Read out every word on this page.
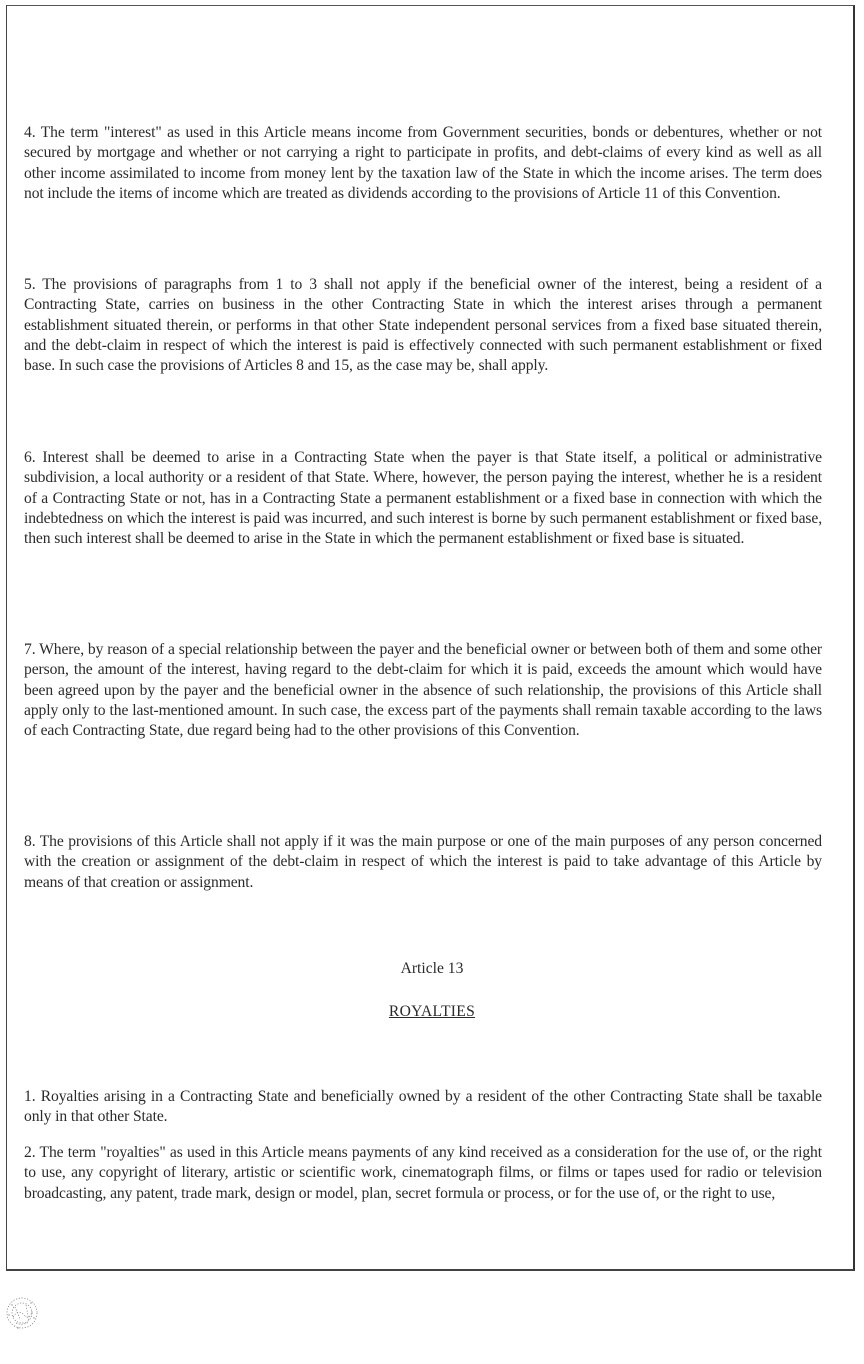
4. The term "interest" as used in this Article means income from Government securities, bonds or debentures, whether or not secured by mortgage and whether or not carrying a right to participate in profits, and debt-claims of every kind as well as all other income assimilated to income from money lent by the taxation law of the State in which the income arises. The term does not include the items of income which are treated as dividends according to the provisions of Article 11 of this Convention.

5. The provisions of paragraphs from 1 to 3 shall not apply if the beneficial owner of the interest, being a resident of a Contracting State, carries on business in the other Contracting State in which the interest arises through a permanent establishment situated therein, or performs in that other State independent personal services from a fixed base situated therein, and the debt-claim in respect of which the interest is paid is effectively connected with such permanent establishment or fixed base. In such case the provisions of Articles 8 and 15, as the case may be, shall apply.

6. Interest shall be deemed to arise in a Contracting State when the payer is that State itself, a political or administrative subdivision, a local authority or a resident of that State. Where, however, the person paying the interest, whether he is a resident of a Contracting State or not, has in a Contracting State a permanent establishment or a fixed base in connection with which the indebtedness on which the interest is paid was incurred, and such interest is borne by such permanent establishment or fixed base, then such interest shall be deemed to arise in the State in which the permanent establishment or fixed base is situated.

7. Where, by reason of a special relationship between the payer and the beneficial owner or between both of them and some other person, the amount of the interest, having regard to the debt-claim for which it is paid, exceeds the amount which would have been agreed upon by the payer and the beneficial owner in the absence of such relationship, the provisions of this Article shall apply only to the last-mentioned amount. In such case, the excess part of the payments shall remain taxable according to the laws of each Contracting State, due regard being had to the other provisions of this Convention.

8. The provisions of this Article shall not apply if it was the main purpose or one of the main purposes of any person concerned with the creation or assignment of the debt-claim in respect of which the interest is paid to take advantage of this Article by means of that creation or assignment.

Article 13
ROYALTIES

1. Royalties arising in a Contracting State and beneficially owned by a resident of the other Contracting State shall be taxable only in that other State.

2. The term "royalties" as used in this Article means payments of any kind received as a consideration for the use of, or the right to use, any copyright of literary, artistic or scientific work, cinematograph films, or films or tapes used for radio or television broadcasting, any patent, trade mark, design or model, plan, secret formula or process, or for the use of, or the right to use,
